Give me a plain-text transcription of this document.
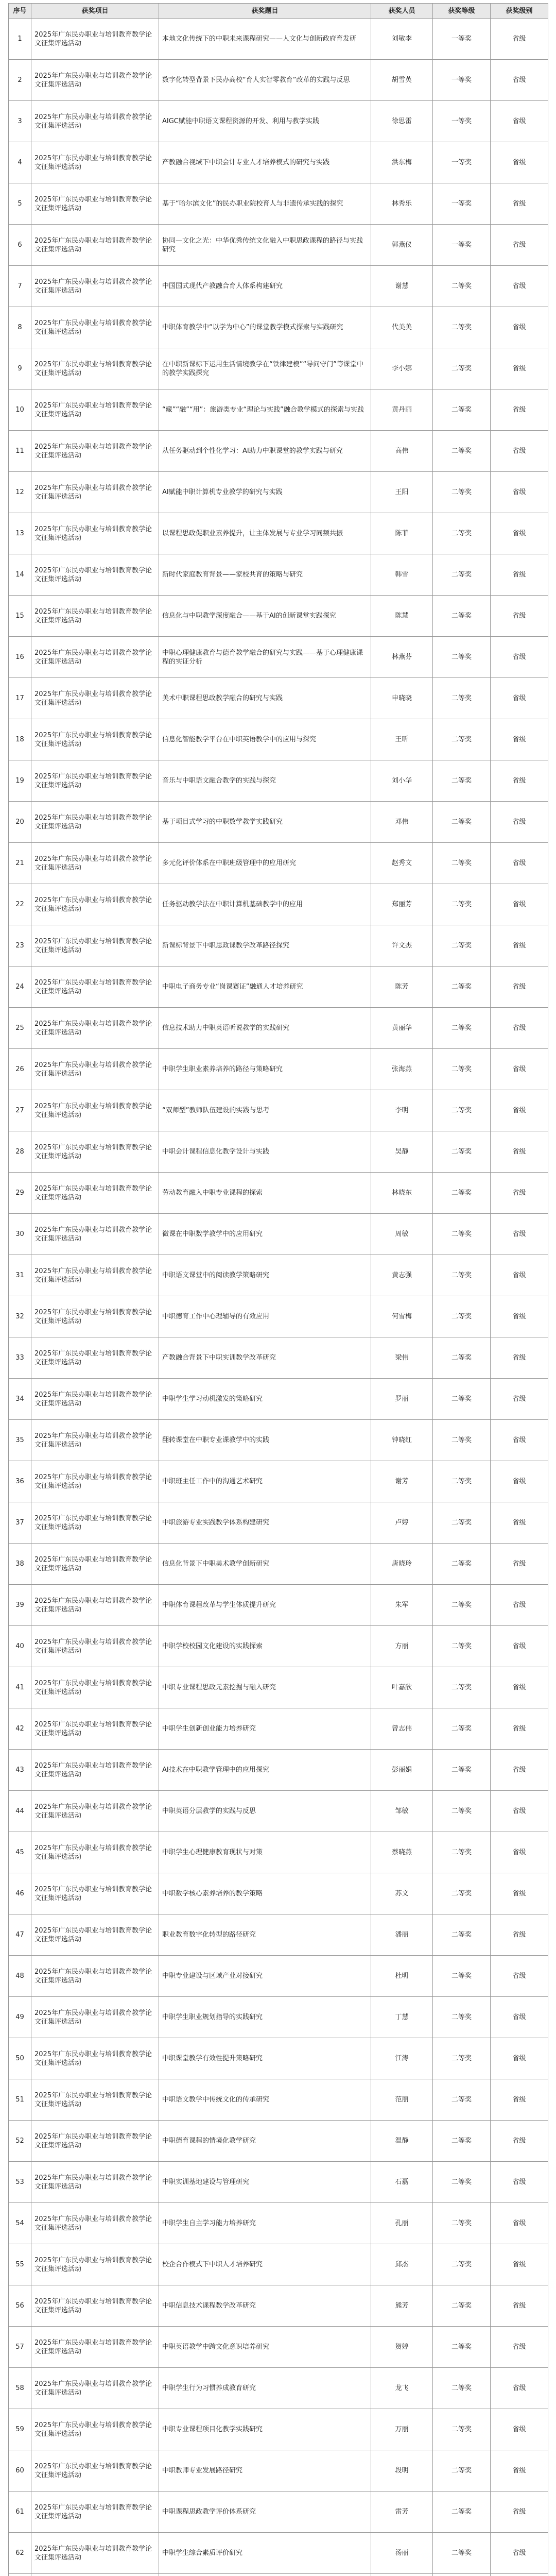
序号	获奖项目	获奖题目	获奖人员	获奖等级	获奖级别
1	2025年广东民办职业与培训教育教学论文征集评选活动	本地文化传统下的中职未来课程研究——人文化与创新政府育发研	刘敏李	一等奖	省级
2	2025年广东民办职业与培训教育教学论文征集评选活动	数字化转型背景下民办高校“育人实智零教育”改革的实践与反思	胡雪英	一等奖	省级
3	2025年广东民办职业与培训教育教学论文征集评选活动	AIGC赋能中职语文课程资源的开发、利用与教学实践	徐思雷	一等奖	省级
4	2025年广东民办职业与培训教育教学论文征集评选活动	产教融合视域下中职会计专业人才培养模式的研究与实践	洪东梅	一等奖	省级
5	2025年广东民办职业与培训教育教学论文征集评选活动	基于“哈尔滨文化”的民办职业院校育人与非遗传承实践的探究	林秀乐	一等奖	省级
6	2025年广东民办职业与培训教育教学论文征集评选活动	协同—文化之光：中华优秀传统文化融入中职思政课程的路径与实践研究	郭燕仪	一等奖	省级
7	2025年广东民办职业与培训教育教学论文征集评选活动	中国国式现代产教融合育人体系构建研究	谢慧	二等奖	省级
8	2025年广东民办职业与培训教育教学论文征集评选活动	中职体育教学中“以学为中心”的课堂教学模式探索与实践研究	代美美	二等奖	省级
9	2025年广东民办职业与培训教育教学论文征集评选活动	在中职新课标下运用生活情境教学在“铁律建模”“导问守门”等课堂中的教学实践探究	李小娜	二等奖	省级
10	2025年广东民办职业与培训教育教学论文征集评选活动	“藏”“融”“用”：旅游类专业“理论与实践”融合教学模式的探索与实践	黄丹丽	二等奖	省级
11	2025年广东民办职业与培训教育教学论文征集评选活动	从任务驱动到个性化学习：AI助力中职课堂的教学实践与研究	高伟	二等奖	省级
12	2025年广东民办职业与培训教育教学论文征集评选活动	AI赋能中职计算机专业教学的研究与实践	王阳	二等奖	省级
13	2025年广东民办职业与培训教育教学论文征集评选活动	以课程思政促职业素养提升，让主体发展与专业学习同频共振	陈菲	二等奖	省级
14	2025年广东民办职业与培训教育教学论文征集评选活动	新时代家庭教育背景——家校共育的策略与研究	韩雪	二等奖	省级
15	2025年广东民办职业与培训教育教学论文征集评选活动	信息化与中职教学深度融合——基于AI的创新课堂实践探究	陈慧	二等奖	省级
16	2025年广东民办职业与培训教育教学论文征集评选活动	中职心理健康教育与德育教学融合的研究与实践——基于心理健康课程的实证分析	林燕芬	二等奖	省级
17	2025年广东民办职业与培训教育教学论文征集评选活动	美术中职课程思政教学融合的研究与实践	申晓晓	二等奖	省级
18	2025年广东民办职业与培训教育教学论文征集评选活动	信息化智能教学平台在中职英语教学中的应用与探究	王昕	二等奖	省级
19	2025年广东民办职业与培训教育教学论文征集评选活动	音乐与中职语文融合教学的实践与探究	刘小华	二等奖	省级
20	2025年广东民办职业与培训教育教学论文征集评选活动	基于项目式学习的中职数学教学实践研究	邓伟	二等奖	省级
21	2025年广东民办职业与培训教育教学论文征集评选活动	多元化评价体系在中职班级管理中的应用研究	赵秀文	二等奖	省级
22	2025年广东民办职业与培训教育教学论文征集评选活动	任务驱动教学法在中职计算机基础教学中的应用	郑丽芳	二等奖	省级
23	2025年广东民办职业与培训教育教学论文征集评选活动	新课标背景下中职思政课教学改革路径探究	许文杰	二等奖	省级
24	2025年广东民办职业与培训教育教学论文征集评选活动	中职电子商务专业“岗课赛证”融通人才培养研究	陈芳	二等奖	省级
25	2025年广东民办职业与培训教育教学论文征集评选活动	信息技术助力中职英语听说教学的实践研究	黄丽华	二等奖	省级
26	2025年广东民办职业与培训教育教学论文征集评选活动	中职学生职业素养培养的路径与策略研究	张海燕	二等奖	省级
27	2025年广东民办职业与培训教育教学论文征集评选活动	“双师型”教师队伍建设的实践与思考	李明	二等奖	省级
28	2025年广东民办职业与培训教育教学论文征集评选活动	中职会计课程信息化教学设计与实践	吴静	二等奖	省级
29	2025年广东民办职业与培训教育教学论文征集评选活动	劳动教育融入中职专业课程的探索	林晓东	二等奖	省级
30	2025年广东民办职业与培训教育教学论文征集评选活动	微课在中职数学教学中的应用研究	周敏	二等奖	省级
31	2025年广东民办职业与培训教育教学论文征集评选活动	中职语文课堂中的阅读教学策略研究	黄志强	二等奖	省级
32	2025年广东民办职业与培训教育教学论文征集评选活动	中职德育工作中心理辅导的有效应用	何雪梅	二等奖	省级
33	2025年广东民办职业与培训教育教学论文征集评选活动	产教融合背景下中职实训教学改革研究	梁伟	二等奖	省级
34	2025年广东民办职业与培训教育教学论文征集评选活动	中职学生学习动机激发的策略研究	罗丽	二等奖	省级
35	2025年广东民办职业与培训教育教学论文征集评选活动	翻转课堂在中职专业课教学中的实践	钟晓红	二等奖	省级
36	2025年广东民办职业与培训教育教学论文征集评选活动	中职班主任工作中的沟通艺术研究	谢芳	二等奖	省级
37	2025年广东民办职业与培训教育教学论文征集评选活动	中职旅游专业实践教学体系构建研究	卢婷	二等奖	省级
38	2025年广东民办职业与培训教育教学论文征集评选活动	信息化背景下中职美术教学创新研究	唐晓玲	二等奖	省级
39	2025年广东民办职业与培训教育教学论文征集评选活动	中职体育课程改革与学生体质提升研究	朱军	二等奖	省级
40	2025年广东民办职业与培训教育教学论文征集评选活动	中职学校校园文化建设的实践探索	方丽	二等奖	省级
41	2025年广东民办职业与培训教育教学论文征集评选活动	中职专业课程思政元素挖掘与融入研究	叶嘉欣	二等奖	省级
42	2025年广东民办职业与培训教育教学论文征集评选活动	中职学生创新创业能力培养研究	曾志伟	二等奖	省级
43	2025年广东民办职业与培训教育教学论文征集评选活动	AI技术在中职教学管理中的应用探究	彭丽娟	二等奖	省级
44	2025年广东民办职业与培训教育教学论文征集评选活动	中职英语分层教学的实践与反思	邹敏	二等奖	省级
45	2025年广东民办职业与培训教育教学论文征集评选活动	中职学生心理健康教育现状与对策	蔡晓燕	二等奖	省级
46	2025年广东民办职业与培训教育教学论文征集评选活动	中职数学核心素养培养的教学策略	苏文	二等奖	省级
47	2025年广东民办职业与培训教育教学论文征集评选活动	职业教育数字化转型的路径研究	潘丽	二等奖	省级
48	2025年广东民办职业与培训教育教学论文征集评选活动	中职专业建设与区域产业对接研究	杜明	二等奖	省级
49	2025年广东民办职业与培训教育教学论文征集评选活动	中职学生职业规划指导的实践研究	丁慧	二等奖	省级
50	2025年广东民办职业与培训教育教学论文征集评选活动	中职课堂教学有效性提升策略研究	江涛	二等奖	省级
51	2025年广东民办职业与培训教育教学论文征集评选活动	中职语文教学中传统文化的传承研究	范丽	二等奖	省级
52	2025年广东民办职业与培训教育教学论文征集评选活动	中职德育课程的情境化教学研究	温静	二等奖	省级
53	2025年广东民办职业与培训教育教学论文征集评选活动	中职实训基地建设与管理研究	石磊	二等奖	省级
54	2025年广东民办职业与培训教育教学论文征集评选活动	中职学生自主学习能力培养研究	孔丽	二等奖	省级
55	2025年广东民办职业与培训教育教学论文征集评选活动	校企合作模式下中职人才培养研究	邱杰	二等奖	省级
56	2025年广东民办职业与培训教育教学论文征集评选活动	中职信息技术课程教学改革研究	熊芳	二等奖	省级
57	2025年广东民办职业与培训教育教学论文征集评选活动	中职英语教学中跨文化意识培养研究	贺婷	二等奖	省级
58	2025年广东民办职业与培训教育教学论文征集评选活动	中职学生行为习惯养成教育研究	龙飞	二等奖	省级
59	2025年广东民办职业与培训教育教学论文征集评选活动	中职专业课程项目化教学实践研究	万丽	二等奖	省级
60	2025年广东民办职业与培训教育教学论文征集评选活动	中职教师专业发展路径研究	段明	二等奖	省级
61	2025年广东民办职业与培训教育教学论文征集评选活动	中职课程思政教学评价体系研究	雷芳	二等奖	省级
62	2025年广东民办职业与培训教育教学论文征集评选活动	中职学生综合素质评价研究	汤丽	二等奖	省级
